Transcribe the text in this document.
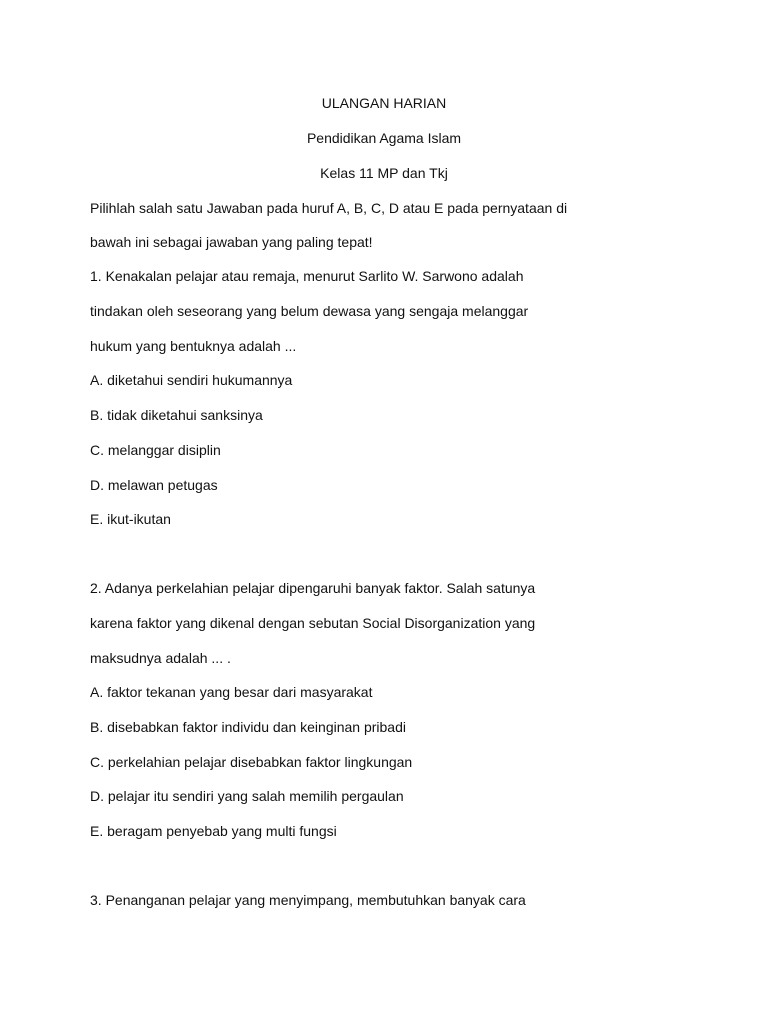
ULANGAN HARIAN
Pendidikan Agama Islam
Kelas 11 MP dan Tkj
Pilihlah salah satu Jawaban pada huruf A, B, C, D atau E pada pernyataan di
bawah ini sebagai jawaban yang paling tepat!
1. Kenakalan pelajar atau remaja, menurut Sarlito W. Sarwono adalah
tindakan oleh seseorang yang belum dewasa yang sengaja melanggar
hukum yang bentuknya adalah ...
A. diketahui sendiri hukumannya
B. tidak diketahui sanksinya
C. melanggar disiplin
D. melawan petugas
E. ikut-ikutan
2. Adanya perkelahian pelajar dipengaruhi banyak faktor. Salah satunya
karena faktor yang dikenal dengan sebutan Social Disorganization yang
maksudnya adalah ... .
A. faktor tekanan yang besar dari masyarakat
B. disebabkan faktor individu dan keinginan pribadi
C. perkelahian pelajar disebabkan faktor lingkungan
D. pelajar itu sendiri yang salah memilih pergaulan
E. beragam penyebab yang multi fungsi
3. Penanganan pelajar yang menyimpang, membutuhkan banyak cara
